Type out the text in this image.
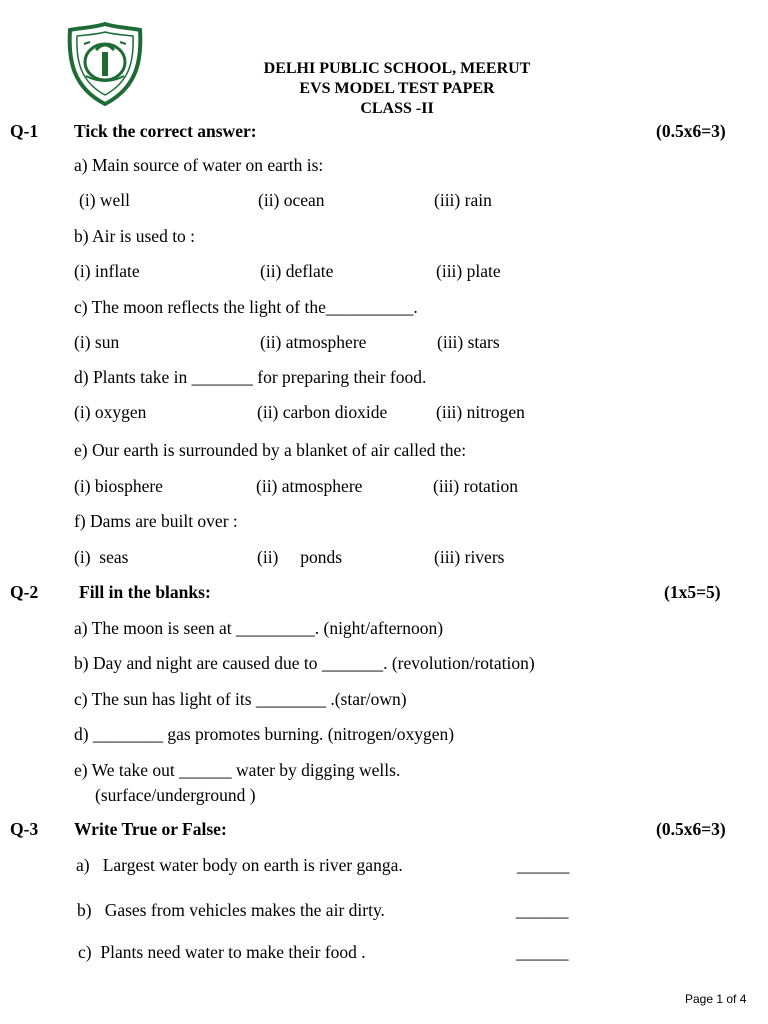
DELHI PUBLIC SCHOOL, MEERUT
EVS MODEL TEST PAPER
CLASS -II
Q-1 Tick the correct answer:	(0.5x6=3)
a) Main source of water on earth is:
(i) well	(ii) ocean	(iii) rain
b) Air is used to :
(i) inflate	(ii) deflate	(iii) plate
c) The moon reflects the light of the__________.
(i) sun	(ii) atmosphere	(iii) stars
d) Plants take in _______ for preparing their food.
(i) oxygen	(ii) carbon dioxide	(iii) nitrogen
e) Our earth is surrounded by a blanket of air called the:
(i) biosphere	(ii) atmosphere	(iii) rotation
f) Dams are built over :
(i)  seas	(ii)     ponds	(iii) rivers
Q-2 Fill in the blanks:	(1x5=5)
a) The moon is seen at _________. (night/afternoon)
b) Day and night are caused due to _______. (revolution/rotation)
c) The sun has light of its ________ .(star/own)
d) ________ gas promotes burning. (nitrogen/oxygen)
e) We take out ______ water by digging wells.
(surface/underground )
Q-3 Write True or False:	(0.5x6=3)
a)   Largest water body on earth is river ganga.	______
b)   Gases from vehicles makes the air dirty.	______
c)  Plants need water to make their food .	______
Page 1 of 4
